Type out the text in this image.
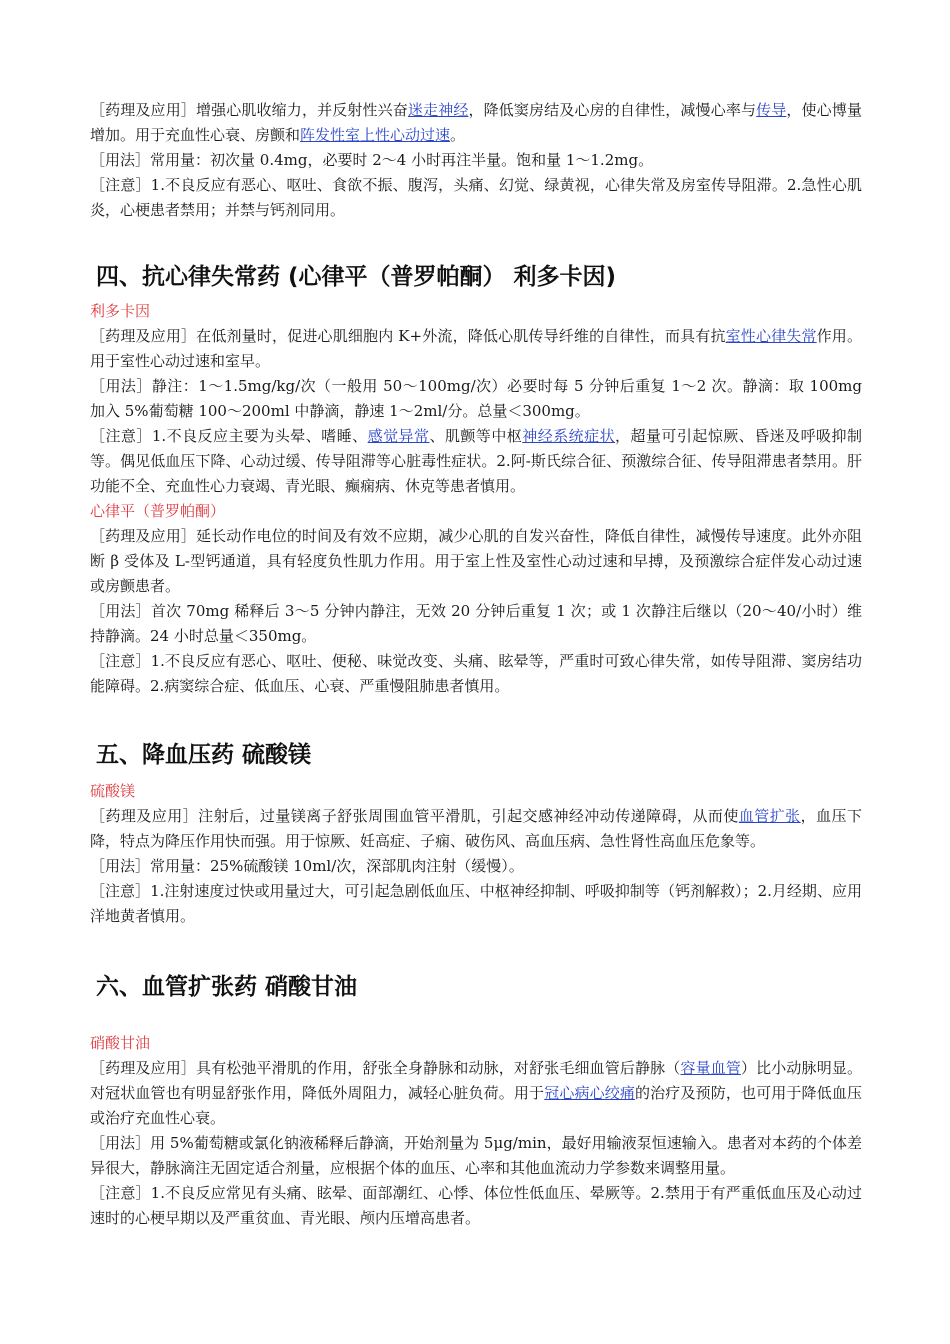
［药理及应用］增强心肌收缩力，并反射性兴奋迷走神经，降低窦房结及心房的自律性，减慢心率与传导，使心博量增加。用于充血性心衰、房颤和阵发性室上性心动过速。

［用法］常用量：初次量 0.4mg，必要时 2～4 小时再注半量。饱和量 1～1.2mg。

［注意］1.不良反应有恶心、呕吐、食欲不振、腹泻，头痛、幻觉、绿黄视，心律失常及房室传导阻滞。2.急性心肌炎，心梗患者禁用；并禁与钙剂同用。

四、抗心律失常药 (心律平（普罗帕酮） 利多卡因)

利多卡因

［药理及应用］在低剂量时，促进心肌细胞内 K+外流，降低心肌传导纤维的自律性，而具有抗室性心律失常作用。用于室性心动过速和室早。

［用法］静注：1～1.5mg/kg/次（一般用 50～100mg/次）必要时每 5 分钟后重复 1～2 次。静滴：取 100mg 加入 5%葡萄糖 100～200ml 中静滴，静速 1～2ml/分。总量＜300mg。

［注意］1.不良反应主要为头晕、嗜睡、感觉异常、肌颤等中枢神经系统症状，超量可引起惊厥、昏迷及呼吸抑制等。偶见低血压下降、心动过缓、传导阻滞等心脏毒性症状。2.阿-斯氏综合征、预激综合征、传导阻滞患者禁用。肝功能不全、充血性心力衰竭、青光眼、癫痫病、休克等患者慎用。

心律平（普罗帕酮）

［药理及应用］延长动作电位的时间及有效不应期，减少心肌的自发兴奋性，降低自律性，减慢传导速度。此外亦阻断 β 受体及 L-型钙通道，具有轻度负性肌力作用。用于室上性及室性心动过速和早搏，及预激综合症伴发心动过速或房颤患者。

［用法］首次 70mg 稀释后 3～5 分钟内静注，无效 20 分钟后重复 1 次；或 1 次静注后继以（20～40/小时）维持静滴。24 小时总量＜350mg。

［注意］1.不良反应有恶心、呕吐、便秘、味觉改变、头痛、眩晕等，严重时可致心律失常，如传导阻滞、窦房结功能障碍。2.病窦综合症、低血压、心衰、严重慢阻肺患者慎用。

五、降血压药 硫酸镁

硫酸镁

［药理及应用］注射后，过量镁离子舒张周围血管平滑肌，引起交感神经冲动传递障碍，从而使血管扩张，血压下降，特点为降压作用快而强。用于惊厥、妊高症、子痫、破伤风、高血压病、急性肾性高血压危象等。

［用法］常用量：25%硫酸镁 10ml/次，深部肌肉注射（缓慢）。

［注意］1.注射速度过快或用量过大，可引起急剧低血压、中枢神经抑制、呼吸抑制等（钙剂解救）；2.月经期、应用洋地黄者慎用。

六、血管扩张药 硝酸甘油

硝酸甘油

［药理及应用］具有松弛平滑肌的作用，舒张全身静脉和动脉，对舒张毛细血管后静脉（容量血管）比小动脉明显。对冠状血管也有明显舒张作用，降低外周阻力，减轻心脏负荷。用于冠心病心绞痛的治疗及预防，也可用于降低血压或治疗充血性心衰。

［用法］用 5%葡萄糖或氯化钠液稀释后静滴，开始剂量为 5μg/min，最好用输液泵恒速输入。患者对本药的个体差异很大，静脉滴注无固定适合剂量，应根据个体的血压、心率和其他血流动力学参数来调整用量。

［注意］1.不良反应常见有头痛、眩晕、面部潮红、心悸、体位性低血压、晕厥等。2.禁用于有严重低血压及心动过速时的心梗早期以及严重贫血、青光眼、颅内压增高患者。
